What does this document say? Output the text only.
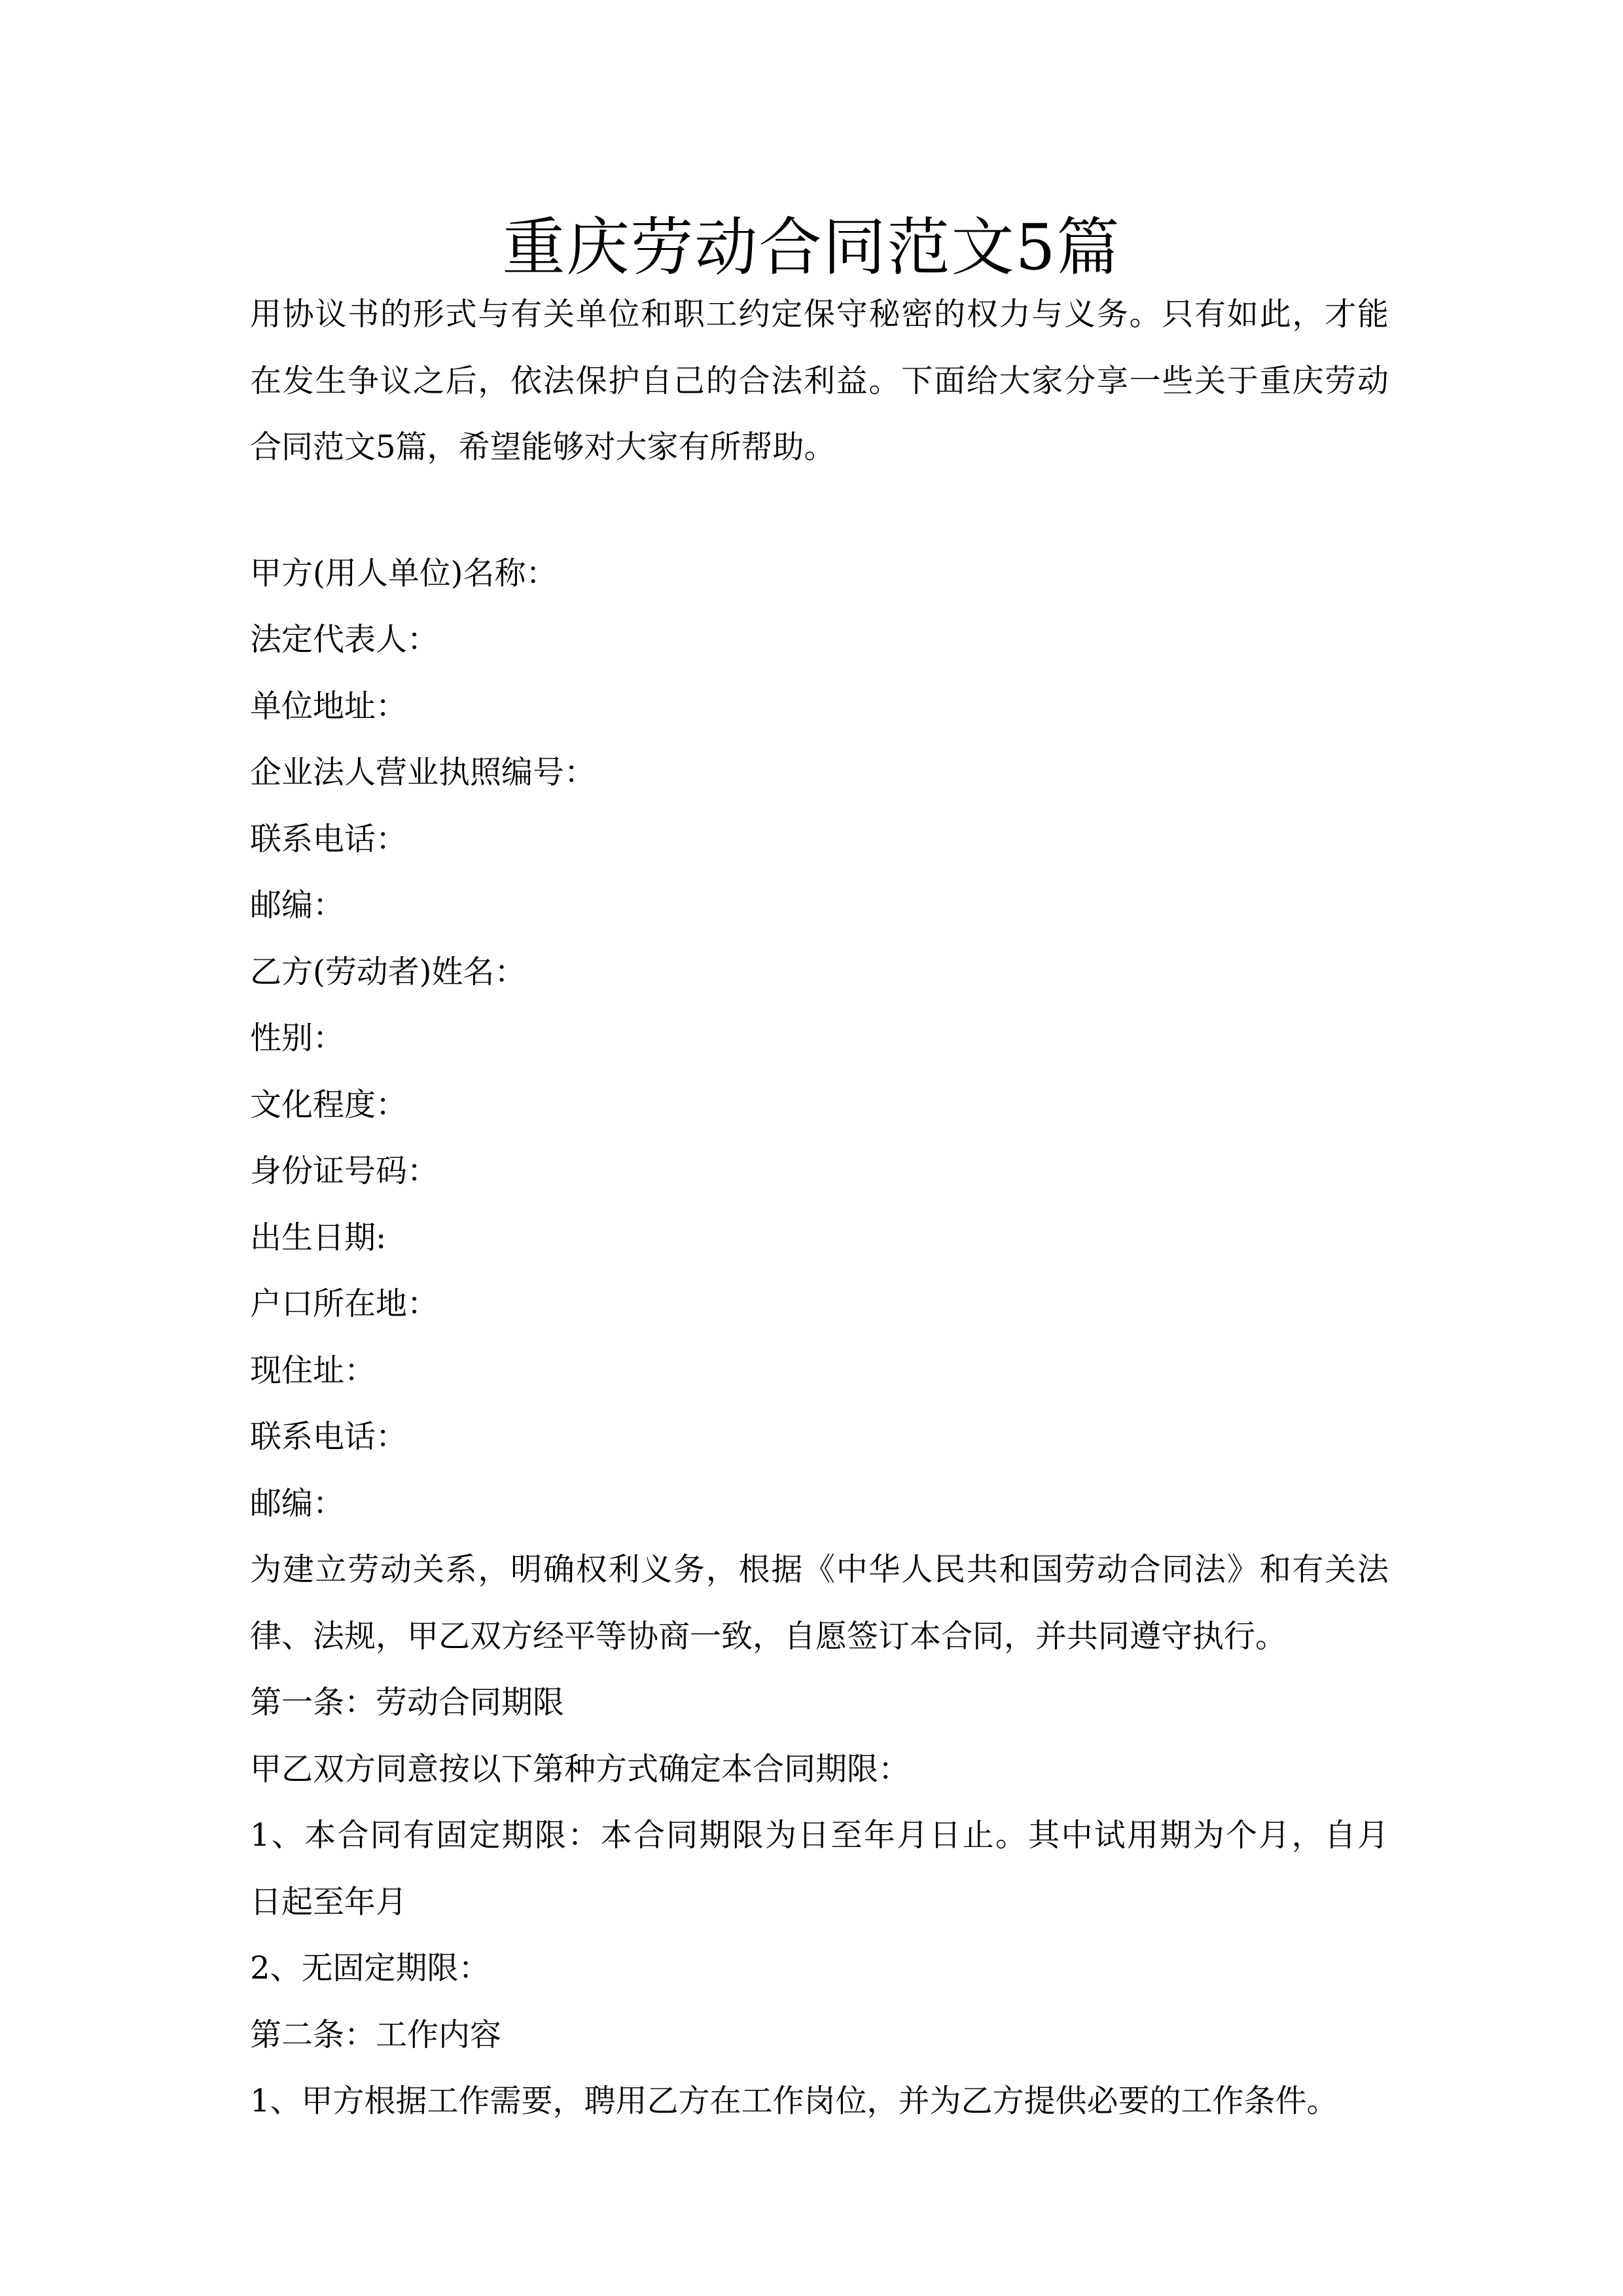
重庆劳动合同范文5篇
用协议书的形式与有关单位和职工约定保守秘密的权力与义务。只有如此，才能
在发生争议之后，依法保护自己的合法利益。下面给大家分享一些关于重庆劳动
合同范文5篇，希望能够对大家有所帮助。
甲方(用人单位)名称：
法定代表人：
单位地址：
企业法人营业执照编号：
联系电话：
邮编：
乙方(劳动者)姓名：
性别：
文化程度：
身份证号码：
出生日期:
户口所在地：
现住址：
联系电话：
邮编：
为建立劳动关系，明确权利义务，根据《中华人民共和国劳动合同法》和有关法
律、法规，甲乙双方经平等协商一致，自愿签订本合同，并共同遵守执行。
第一条：劳动合同期限
甲乙双方同意按以下第种方式确定本合同期限：
1、本合同有固定期限：本合同期限为日至年月日止。其中试用期为个月，自月
日起至年月
2、无固定期限：
第二条：工作内容
1、甲方根据工作需要，聘用乙方在工作岗位，并为乙方提供必要的工作条件。
